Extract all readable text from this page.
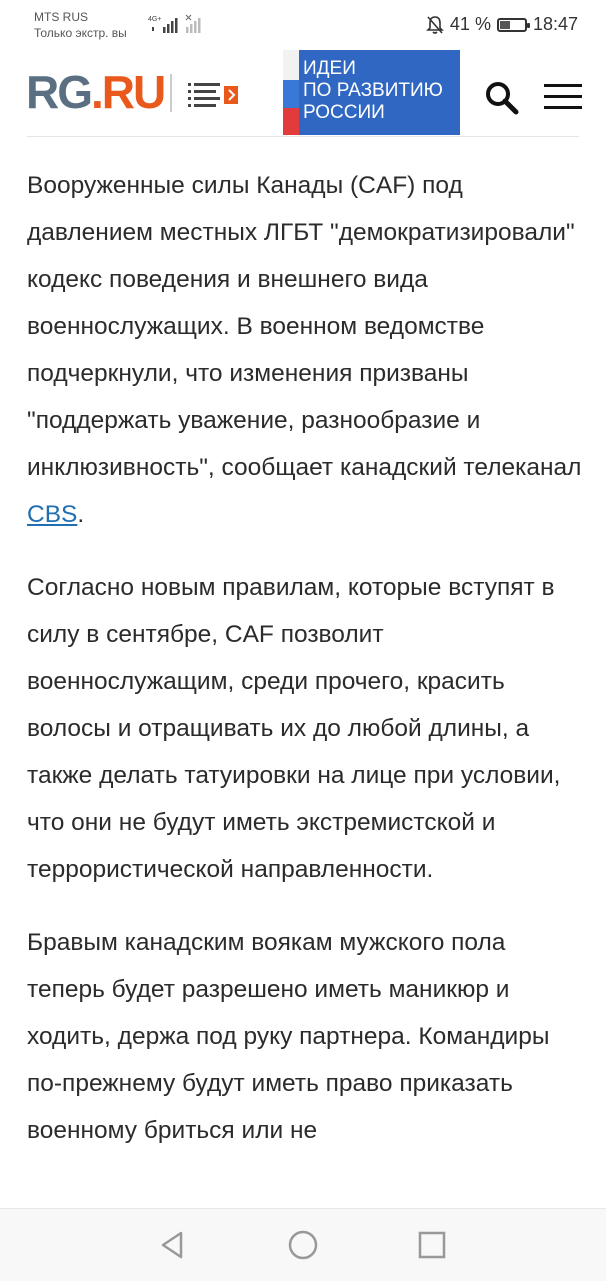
MTS RUS
Только экстр. вы
4G+	41 % 18:47
RG.RU	ИДЕИ
ПО РАЗВИТИЮ
РОССИИ

Вооруженные силы Канады (CAF) под давлением местных ЛГБТ "демократизировали" кодекс поведения и внешнего вида военнослужащих. В военном ведомстве подчеркнули, что изменения призваны "поддержать уважение, разнообразие и инклюзивность", сообщает канадский телеканал CBS.

Согласно новым правилам, которые вступят в силу в сентябре, CAF позволит военнослужащим, среди прочего, красить волосы и отращивать их до любой длины, а также делать татуировки на лице при условии, что они не будут иметь экстремистской и террористической направленности.

Бравым канадским воякам мужского пола теперь будет разрешено иметь маникюр и ходить, держа под руку партнера. Командиры по-прежнему будут иметь право приказать военному бриться или не
